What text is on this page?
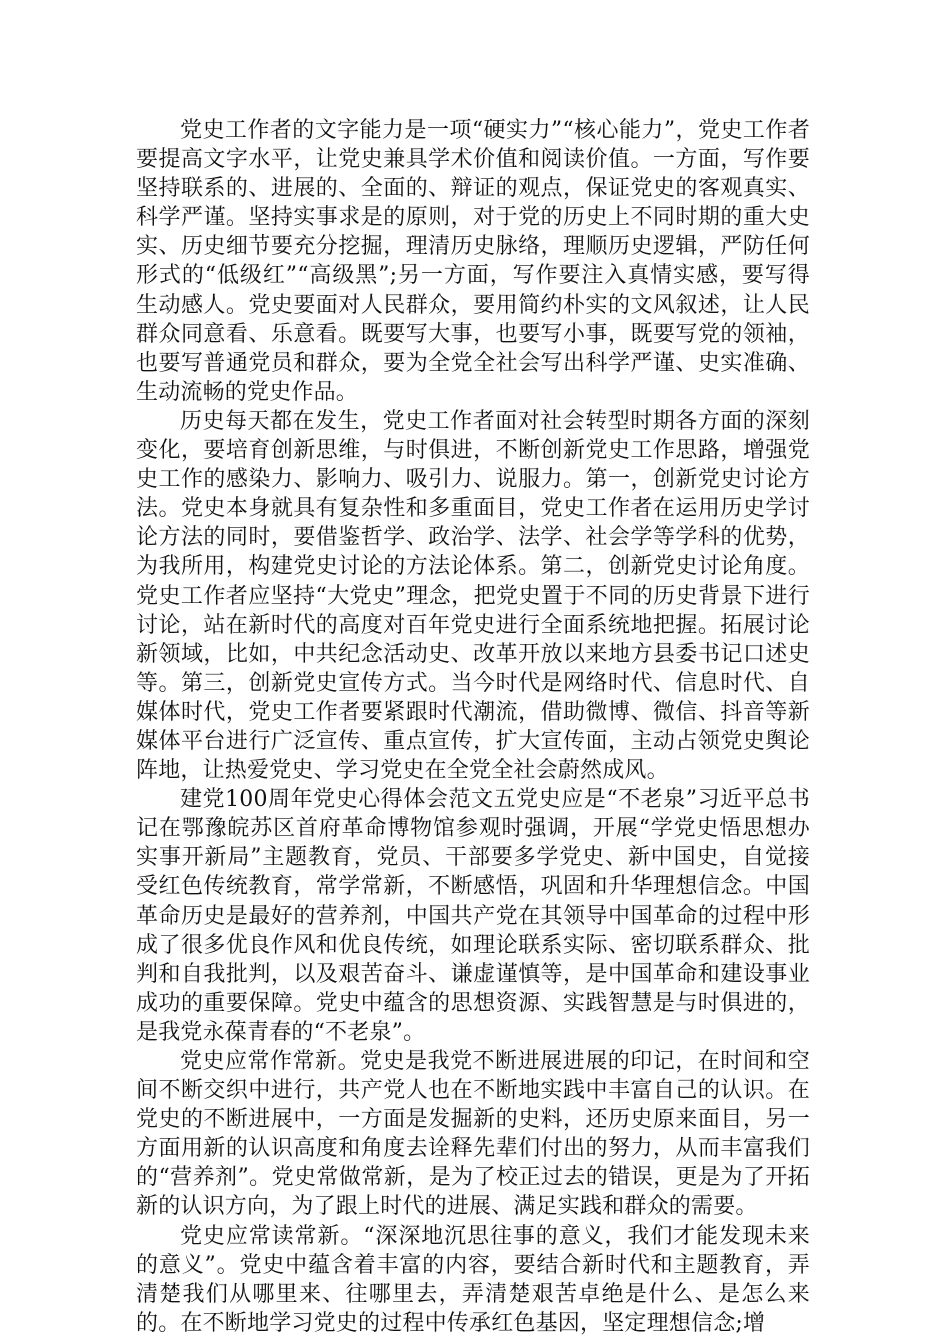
党史工作者的文字能力是一项“硬实力”“核心能力”，党史工作者要提高文字水平，让党史兼具学术价值和阅读价值。一方面，写作要坚持联系的、进展的、全面的、辩证的观点，保证党史的客观真实、科学严谨。坚持实事求是的原则，对于党的历史上不同时期的重大史实、历史细节要充分挖掘，理清历史脉络，理顺历史逻辑，严防任何形式的“低级红”“高级黑”;另一方面，写作要注入真情实感，要写得生动感人。党史要面对人民群众，要用简约朴实的文风叙述，让人民群众同意看、乐意看。既要写大事，也要写小事，既要写党的领袖，也要写普通党员和群众，要为全党全社会写出科学严谨、史实准确、生动流畅的党史作品。

历史每天都在发生，党史工作者面对社会转型时期各方面的深刻变化，要培育创新思维，与时俱进，不断创新党史工作思路，增强党史工作的感染力、影响力、吸引力、说服力。第一，创新党史讨论方法。党史本身就具有复杂性和多重面目，党史工作者在运用历史学讨论方法的同时，要借鉴哲学、政治学、法学、社会学等学科的优势，为我所用，构建党史讨论的方法论体系。第二，创新党史讨论角度。党史工作者应坚持“大党史”理念，把党史置于不同的历史背景下进行讨论，站在新时代的高度对百年党史进行全面系统地把握。拓展讨论新领域，比如，中共纪念活动史、改革开放以来地方县委书记口述史等。第三，创新党史宣传方式。当今时代是网络时代、信息时代、自媒体时代，党史工作者要紧跟时代潮流，借助微博、微信、抖音等新媒体平台进行广泛宣传、重点宣传，扩大宣传面，主动占领党史舆论阵地，让热爱党史、学习党史在全党全社会蔚然成风。

建党100周年党史心得体会范文五党史应是“不老泉”习近平总书记在鄂豫皖苏区首府革命博物馆参观时强调，开展“学党史悟思想办实事开新局”主题教育，党员、干部要多学党史、新中国史，自觉接受红色传统教育，常学常新，不断感悟，巩固和升华理想信念。中国革命历史是最好的营养剂，中国共产党在其领导中国革命的过程中形成了很多优良作风和优良传统，如理论联系实际、密切联系群众、批判和自我批判，以及艰苦奋斗、谦虚谨慎等，是中国革命和建设事业成功的重要保障。党史中蕴含的思想资源、实践智慧是与时俱进的，是我党永葆青春的“不老泉”。

党史应常作常新。党史是我党不断进展进展的印记，在时间和空间不断交织中进行，共产党人也在不断地实践中丰富自己的认识。在党史的不断进展中，一方面是发掘新的史料，还历史原来面目，另一方面用新的认识高度和角度去诠释先辈们付出的努力，从而丰富我们的“营养剂”。党史常做常新，是为了校正过去的错误，更是为了开拓新的认识方向，为了跟上时代的进展、满足实践和群众的需要。

党史应常读常新。“深深地沉思往事的意义，我们才能发现未来的意义”。党史中蕴含着丰富的内容，要结合新时代和主题教育，弄清楚我们从哪里来、往哪里去，弄清楚艰苦卓绝是什么、是怎么来的。在不断地学习党史的过程中传承红色基因，坚定理想信念;增
